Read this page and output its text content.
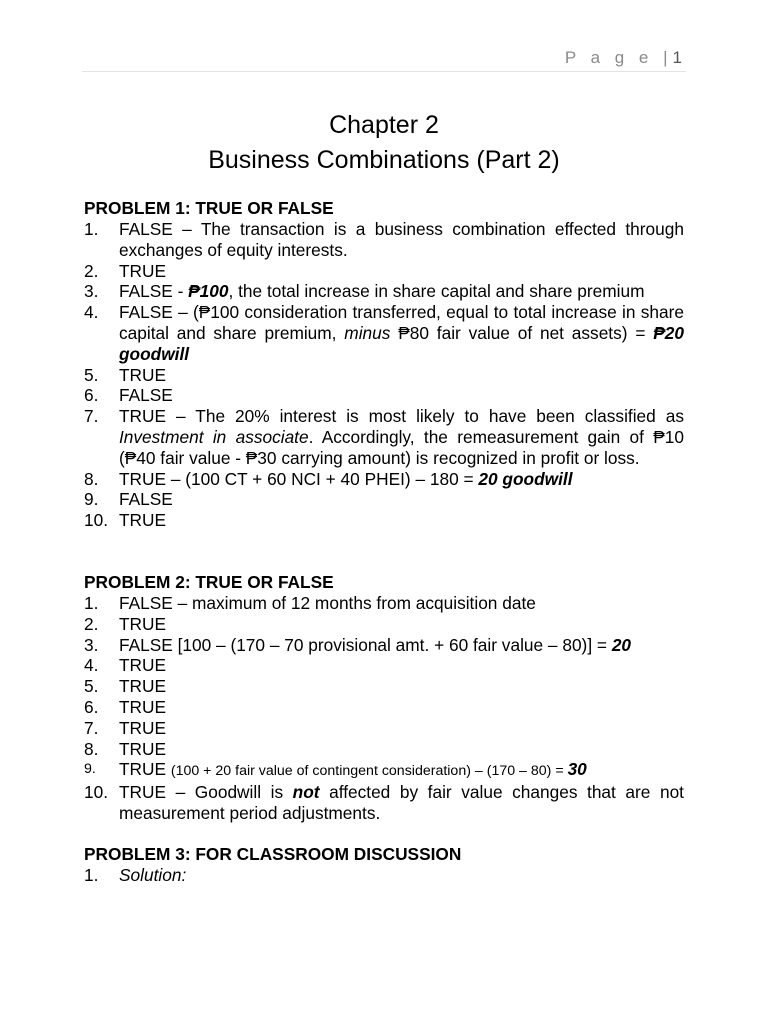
P a g e |1
Chapter 2
Business Combinations (Part 2)

PROBLEM 1: TRUE OR FALSE

1.	FALSE – The transaction is a business combination effected through exchanges of equity interests.
2.	TRUE
3.	FALSE - ₱100, the total increase in share capital and share premium
4.	FALSE – (₱100 consideration transferred, equal to total increase in share capital and share premium, minus ₱80 fair value of net assets) = ₱20 goodwill
5.	TRUE
6.	FALSE
7.	TRUE – The 20% interest is most likely to have been classified as Investment in associate. Accordingly, the remeasurement gain of ₱10 (₱40 fair value - ₱30 carrying amount) is recognized in profit or loss.
8.	TRUE – (100 CT + 60 NCI + 40 PHEI) – 180 = 20 goodwill
9.	FALSE
10. TRUE

PROBLEM 2: TRUE OR FALSE

1.	FALSE – maximum of 12 months from acquisition date
2.	TRUE
3.	FALSE [100 – (170 – 70 provisional amt. + 60 fair value – 80)] = 20
4.	TRUE
5.	TRUE
6.	TRUE
7.	TRUE
8.	TRUE
9.	TRUE (100 + 20 fair value of contingent consideration) – (170 – 80) = 30
10. TRUE – Goodwill is not affected by fair value changes that are not measurement period adjustments.

PROBLEM 3: FOR CLASSROOM DISCUSSION

1.	Solution:
